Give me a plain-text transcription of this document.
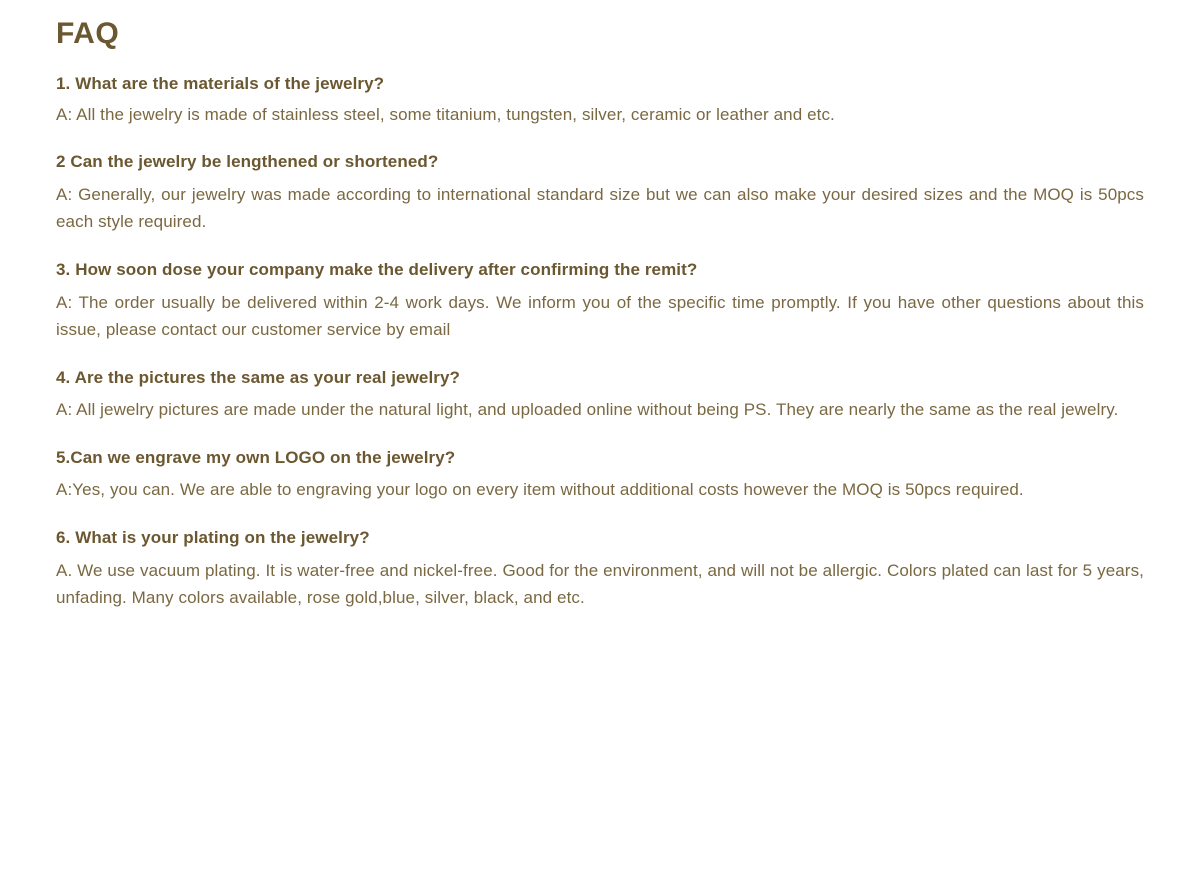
FAQ
1. What are the materials of the jewelry?
A: All the jewelry is made of stainless steel, some titanium, tungsten, silver, ceramic or leather and etc.
2 Can the jewelry be lengthened or shortened?
A: Generally, our jewelry was made according to international standard size but we can also make your desired sizes and the MOQ is 50pcs each style required.
3. How soon dose your company make the delivery after confirming the remit?
A: The order usually be delivered within 2-4 work days. We inform you of the specific time promptly. If you have other questions about this issue, please contact our customer service by email
4. Are the pictures the same as your real jewelry?
A: All jewelry pictures are made under the natural light, and uploaded online without being PS. They are nearly the same as the real jewelry.
5.Can we engrave my own LOGO on the jewelry?
A:Yes, you can. We are able to engraving your logo on every item without additional costs however the MOQ is 50pcs required.
6. What is your plating on the jewelry?
A. We use vacuum plating. It is water-free and nickel-free. Good for the environment, and will not be allergic. Colors plated can last for 5 years, unfading. Many colors available, rose gold,blue, silver, black, and etc.
